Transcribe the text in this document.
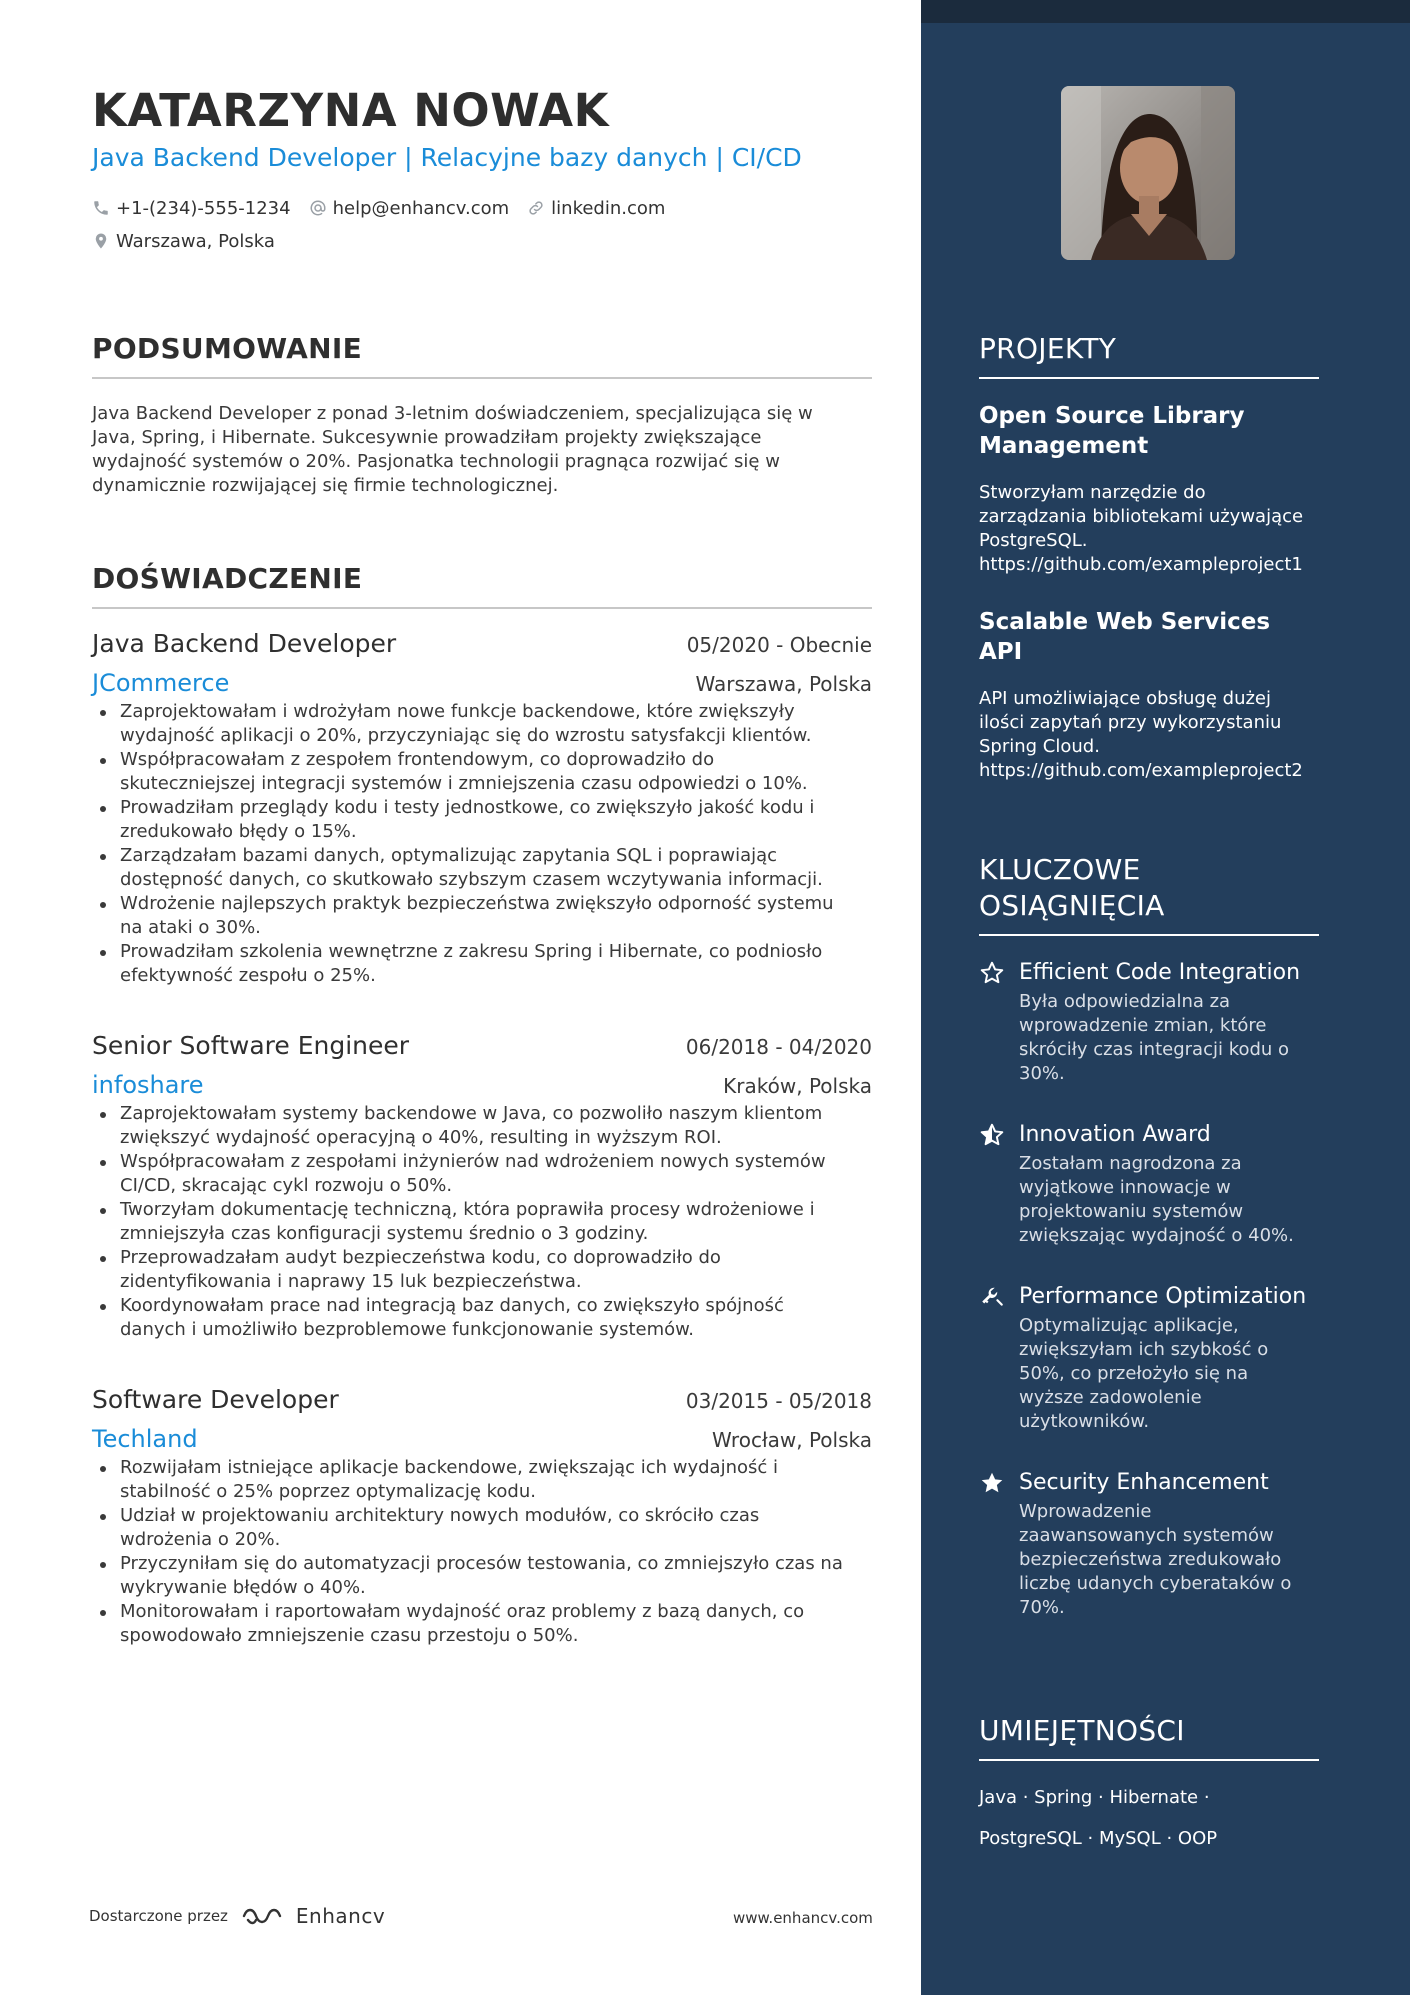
KATARZYNA NOWAK
Java Backend Developer | Relacyjne bazy danych | CI/CD
+1-(234)-555-1234 help@enhancv.com linkedin.com
Warszawa, Polska
PODSUMOWANIE
Java Backend Developer z ponad 3-letnim doświadczeniem, specjalizująca się w
Java, Spring, i Hibernate. Sukcesywnie prowadziłam projekty zwiększające
wydajność systemów o 20%. Pasjonatka technologii pragnąca rozwijać się w
dynamicznie rozwijającej się firmie technologicznej.
DOŚWIADCZENIE
Java Backend Developer	05/2020 - Obecnie
JCommerce	Warszawa, Polska
Zaprojektowałam i wdrożyłam nowe funkcje backendowe, które zwiększyły
wydajność aplikacji o 20%, przyczyniając się do wzrostu satysfakcji klientów.
Współpracowałam z zespołem frontendowym, co doprowadziło do
skuteczniejszej integracji systemów i zmniejszenia czasu odpowiedzi o 10%.
Prowadziłam przeglądy kodu i testy jednostkowe, co zwiększyło jakość kodu i
zredukowało błędy o 15%.
Zarządzałam bazami danych, optymalizując zapytania SQL i poprawiając
dostępność danych, co skutkowało szybszym czasem wczytywania informacji.
Wdrożenie najlepszych praktyk bezpieczeństwa zwiększyło odporność systemu
na ataki o 30%.
Prowadziłam szkolenia wewnętrzne z zakresu Spring i Hibernate, co podniosło
efektywność zespołu o 25%.
Senior Software Engineer	06/2018 - 04/2020
infoshare	Kraków, Polska
Zaprojektowałam systemy backendowe w Java, co pozwoliło naszym klientom
zwiększyć wydajność operacyjną o 40%, resulting in wyższym ROI.
Współpracowałam z zespołami inżynierów nad wdrożeniem nowych systemów
CI/CD, skracając cykl rozwoju o 50%.
Tworzyłam dokumentację techniczną, która poprawiła procesy wdrożeniowe i
zmniejszyła czas konfiguracji systemu średnio o 3 godziny.
Przeprowadzałam audyt bezpieczeństwa kodu, co doprowadziło do
zidentyfikowania i naprawy 15 luk bezpieczeństwa.
Koordynowałam prace nad integracją baz danych, co zwiększyło spójność
danych i umożliwiło bezproblemowe funkcjonowanie systemów.
Software Developer	03/2015 - 05/2018
Techland	Wrocław, Polska
Rozwijałam istniejące aplikacje backendowe, zwiększając ich wydajność i
stabilność o 25% poprzez optymalizację kodu.
Udział w projektowaniu architektury nowych modułów, co skróciło czas
wdrożenia o 20%.
Przyczyniłam się do automatyzacji procesów testowania, co zmniejszyło czas na
wykrywanie błędów o 40%.
Monitorowałam i raportowałam wydajność oraz problemy z bazą danych, co
spowodowało zmniejszenie czasu przestoju o 50%.
Dostarczone przez	Enhancv	www.enhancv.com
PROJEKTY
Open Source Library
Management
Stworzyłam narzędzie do
zarządzania bibliotekami używające
PostgreSQL.
https://github.com/exampleproject1
Scalable Web Services API
API umożliwiające obsługę dużej
ilości zapytań przy wykorzystaniu
Spring Cloud.
https://github.com/exampleproject2
KLUCZOWE
OSIĄGNIĘCIA
Efficient Code Integration
Była odpowiedzialna za
wprowadzenie zmian, które
skróciły czas integracji kodu o
30%.
Innovation Award
Zostałam nagrodzona za
wyjątkowe innowacje w
projektowaniu systemów
zwiększając wydajność o 40%.
Performance Optimization
Optymalizując aplikacje,
zwiększyłam ich szybkość o
50%, co przełożyło się na
wyższe zadowolenie
użytkowników.
Security Enhancement
Wprowadzenie
zaawansowanych systemów
bezpieczeństwa zredukowało
liczbę udanych cyberataków o
70%.
UMIEJĘTNOŚCI
Java · Spring · Hibernate ·
PostgreSQL · MySQL · OOP
